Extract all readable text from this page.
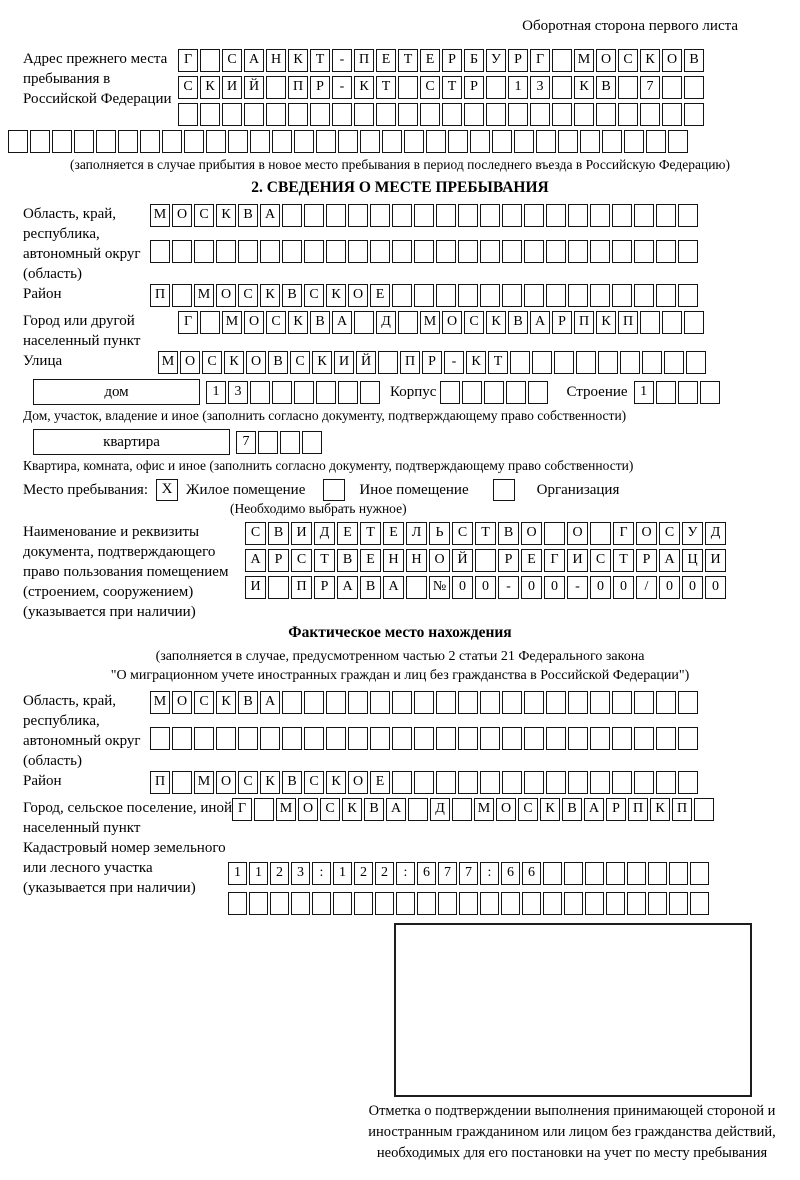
Оборотная сторона первого листа
Адрес прежнего места пребывания в Российской Федерации
Г	С А Н К Т - П Е Т Е Р Б У Р Г М О С К О В
С К И Й П Р - К Т	С Т Р	1 3	К В	7
(заполняется в случае прибытия в новое место пребывания в период последнего въезда в Российскую Федерацию)
2. СВЕДЕНИЯ О МЕСТЕ ПРЕБЫВАНИЯ
Область, край, республика, автономный округ (область)
М О С К В А
Район	П М О С К В С К О Е
Город или другой населенный пункт
Г М О С К В А Д М О С К В А Р П К П
Улица	М О С К О В С К И Й П Р - К Т
дом	1 3	Корпус	Строение 1
Дом, участок, владение и иное (заполнить согласно документу, подтверждающему право собственности)
квартира	7
Квартира, комната, офис и иное (заполнить согласно документу, подтверждающему право собственности)
Место пребывания: X Жилое помещение	Иное помещение	Организация
(Необходимо выбрать нужное)
Наименование и реквизиты документа, подтверждающего право пользования помещением (строением, сооружением) (указывается при наличии)
С В И Д Е Т Е Л Ь С Т В О	О	Г О С У Д
А Р С Т В Е Н Н О Й	Р Е Г И С Т Р А Ц И
И	П Р А В А № 0 0 - 0 0 - 0 0 / 0 0 0
Фактическое место нахождения
(заполняется в случае, предусмотренном частью 2 статьи 21 Федерального закона
"О миграционном учете иностранных граждан и лиц без гражданства в Российской Федерации")
Область, край, республика, автономный округ (область)
М О С К В А
Район	П М О С К В С К О Е
Город, сельское поселение, иной населенный пункт
Г М О С К В А Д М О С К В А Р П К П
Кадастровый номер земельного или лесного участка (указывается при наличии)
1 1 2 3 : 1 2 2 : 6 7 7 : 6 6
Отметка о подтверждении выполнения принимающей стороной и иностранным гражданином или лицом без гражданства действий, необходимых для его постановки на учет по месту пребывания
